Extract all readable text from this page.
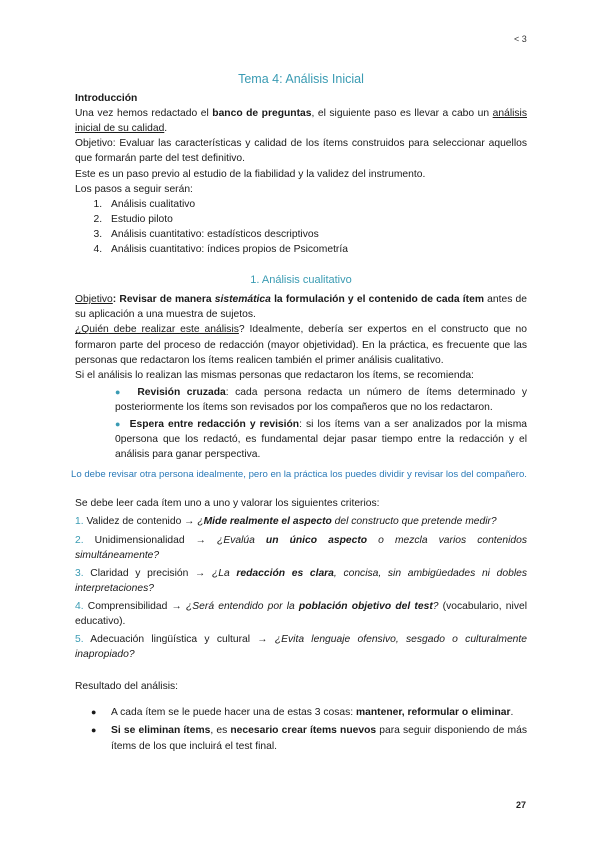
< 3
Tema 4: Análisis Inicial
Introducción

Una vez hemos redactado el banco de preguntas, el siguiente paso es llevar a cabo un análisis inicial de su calidad.

Objetivo: Evaluar las características y calidad de los ítems construidos para seleccionar aquellos que formarán parte del test definitivo.

Este es un paso previo al estudio de la fiabilidad y la validez del instrumento.

Los pasos a seguir serán:

1. Análisis cualitativo
2. Estudio piloto
3. Análisis cuantitativo: estadísticos descriptivos
4. Análisis cuantitativo: índices propios de Psicometría
1. Análisis cualitativo

Objetivo: Revisar de manera sistemática la formulación y el contenido de cada ítem antes de su aplicación a una muestra de sujetos.

¿Quién debe realizar este análisis? Idealmente, debería ser expertos en el constructo que no formaron parte del proceso de redacción (mayor objetividad). En la práctica, es frecuente que las personas que redactaron los ítems realicen también el primer análisis cualitativo.

Si el análisis lo realizan las mismas personas que redactaron los ítems, se recomienda:

● Revisión cruzada: cada persona redacta un número de ítems determinado y posteriormente los ítems son revisados por los compañeros que no los redactaron.
● Espera entre redacción y revisión: si los ítems van a ser analizados por la misma 0persona que los redactó, es fundamental dejar pasar tiempo entre la redacción y el análisis para ganar perspectiva.

Lo debe revisar otra persona idealmente, pero en la práctica los puedes dividir y revisar los del compañero.

Se debe leer cada ítem uno a uno y valorar los siguientes criterios:

1. Validez de contenido → ¿Mide realmente el aspecto del constructo que pretende medir?

2. Unidimensionalidad → ¿Evalúa un único aspecto o mezcla varios contenidos simultáneamente?

3. Claridad y precisión → ¿La redacción es clara, concisa, sin ambigüedades ni dobles interpretaciones?

4. Comprensibilidad → ¿Será entendido por la población objetivo del test? (vocabulario, nivel educativo).

5. Adecuación lingüística y cultural → ¿Evita lenguaje ofensivo, sesgado o culturalmente inapropiado?

Resultado del análisis:

● A cada ítem se le puede hacer una de estas 3 cosas: mantener, reformular o eliminar.
● Si se eliminan ítems, es necesario crear ítems nuevos para seguir disponiendo de más ítems de los que incluirá el test final.
27
